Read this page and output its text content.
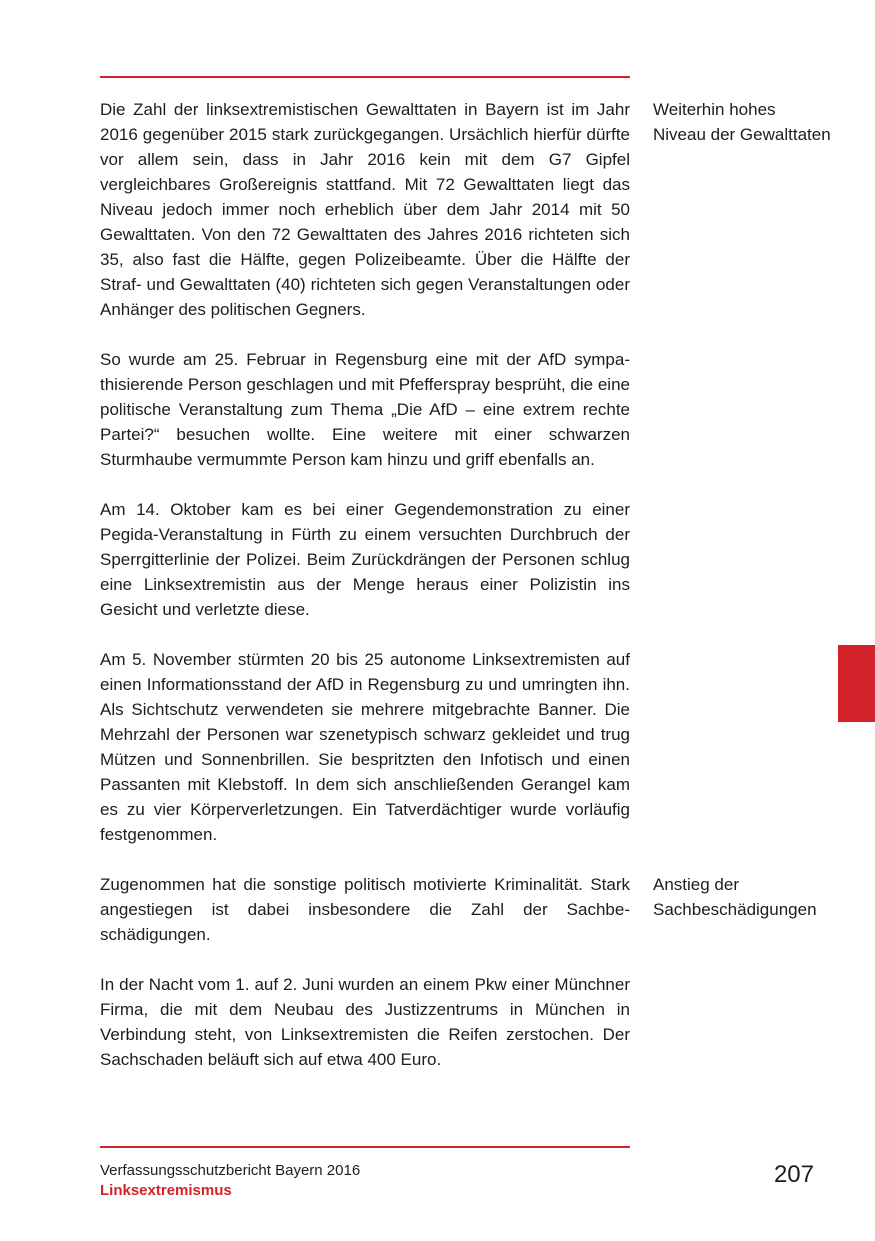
Die Zahl der linksextremistischen Gewalttaten in Bayern ist im Jahr 2016 gegenüber 2015 stark zurückgegangen. Ursächlich hierfür dürfte vor allem sein, dass in Jahr 2016 kein mit dem G7 Gipfel vergleichbares Großereignis stattfand. Mit 72 Gewalttaten liegt das Niveau jedoch immer noch erheblich über dem Jahr 2014 mit 50 Gewalttaten. Von den 72 Gewalttaten des Jahres 2016 richteten sich 35, also fast die Hälfte, gegen Polizeibeamte. Über die Hälfte der Straf- und Gewalttaten (40) richteten sich gegen Veranstaltungen oder Anhänger des politischen Gegners.

So wurde am 25. Februar in Regensburg eine mit der AfD sympathisierende Person geschlagen und mit Pfefferspray besprüht, die eine politische Veranstaltung zum Thema „Die AfD – eine extrem rechte Partei?“ besuchen wollte. Eine weitere mit einer schwarzen Sturmhaube vermummte Person kam hinzu und griff ebenfalls an.

Am 14. Oktober kam es bei einer Gegendemonstration zu einer Pegida-Veranstaltung in Fürth zu einem versuchten Durchbruch der Sperrgitterlinie der Polizei. Beim Zurückdrängen der Personen schlug eine Linksextremistin aus der Menge heraus einer Polizistin ins Gesicht und verletzte diese.

Am 5. November stürmten 20 bis 25 autonome Linksextremisten auf einen Informationsstand der AfD in Regensburg zu und umringten ihn. Als Sichtschutz verwendeten sie mehrere mitgebrachte Banner. Die Mehrzahl der Personen war szenetypisch schwarz gekleidet und trug Mützen und Sonnenbrillen. Sie bespritzten den Infotisch und einen Passanten mit Klebstoff. In dem sich anschließenden Gerangel kam es zu vier Körperverletzungen. Ein Tatverdächtiger wurde vorläufig festgenommen.

Zugenommen hat die sonstige politisch motivierte Kriminalität. Stark angestiegen ist dabei insbesondere die Zahl der Sachbeschädigungen.

In der Nacht vom 1. auf 2. Juni wurden an einem Pkw einer Münchner Firma, die mit dem Neubau des Justizzentrums in München in Verbindung steht, von Linksextremisten die Reifen zerstochen. Der Sachschaden beläuft sich auf etwa 400 Euro.

Weiterhin hohes Niveau der Gewalttaten
Anstieg der Sachbeschädigungen
Verfassungsschutzbericht Bayern 2016
Linksextremismus
207
